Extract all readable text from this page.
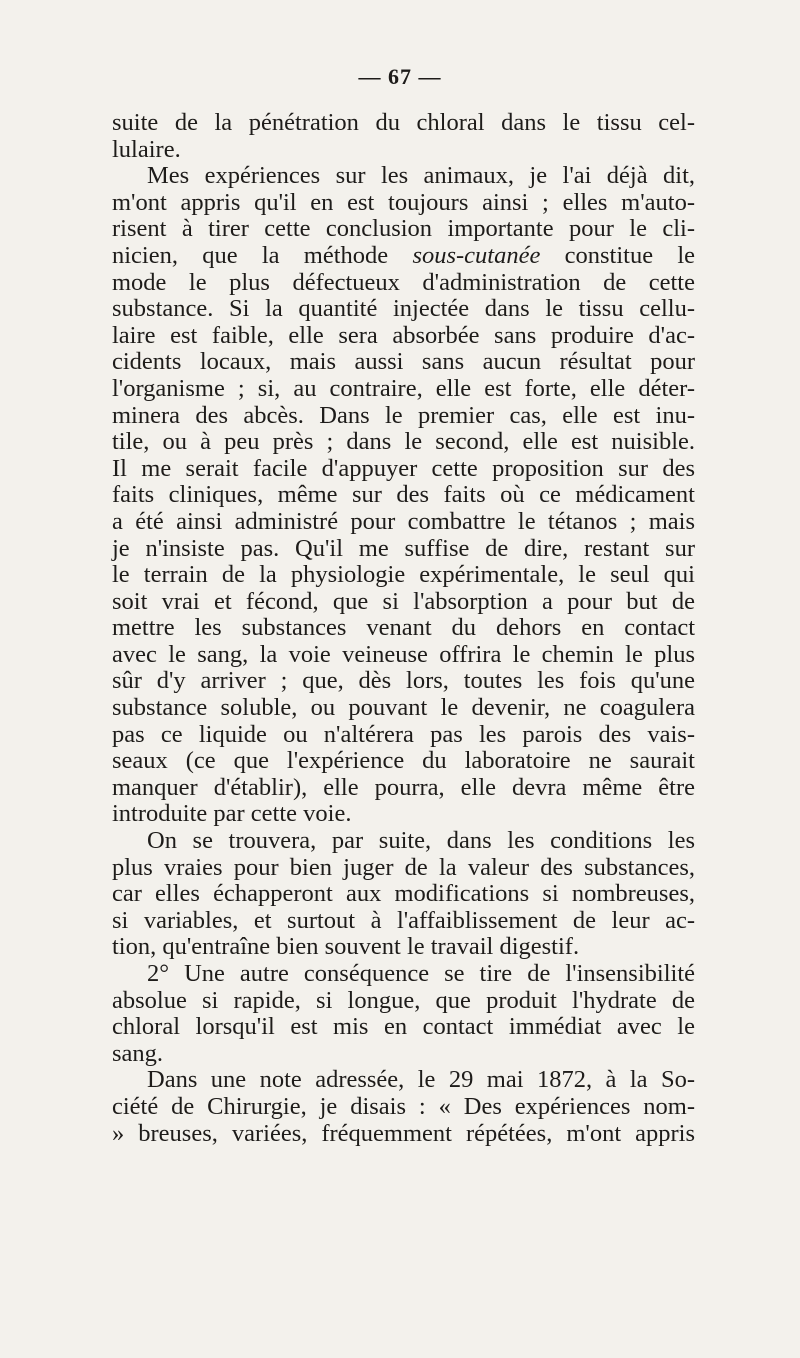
— 67 —
suite de la pénétration du chloral dans le tissu cel-
lulaire.
Mes expériences sur les animaux, je l'ai déjà dit,
m'ont appris qu'il en est toujours ainsi ; elles m'auto-
risent à tirer cette conclusion importante pour le cli-
nicien, que la méthode sous-cutanée constitue le
mode le plus défectueux d'administration de cette
substance. Si la quantité injectée dans le tissu cellu-
laire est faible, elle sera absorbée sans produire d'ac-
cidents locaux, mais aussi sans aucun résultat pour
l'organisme ; si, au contraire, elle est forte, elle déter-
minera des abcès. Dans le premier cas, elle est inu-
tile, ou à peu près ; dans le second, elle est nuisible.
Il me serait facile d'appuyer cette proposition sur des
faits cliniques, même sur des faits où ce médicament
a été ainsi administré pour combattre le tétanos ; mais
je n'insiste pas. Qu'il me suffise de dire, restant sur
le terrain de la physiologie expérimentale, le seul qui
soit vrai et fécond, que si l'absorption a pour but de
mettre les substances venant du dehors en contact
avec le sang, la voie veineuse offrira le chemin le plus
sûr d'y arriver ; que, dès lors, toutes les fois qu'une
substance soluble, ou pouvant le devenir, ne coagulera
pas ce liquide ou n'altérera pas les parois des vais-
seaux (ce que l'expérience du laboratoire ne saurait
manquer d'établir), elle pourra, elle devra même être
introduite par cette voie.
On se trouvera, par suite, dans les conditions les
plus vraies pour bien juger de la valeur des substances,
car elles échapperont aux modifications si nombreuses,
si variables, et surtout à l'affaiblissement de leur ac-
tion, qu'entraîne bien souvent le travail digestif.
2° Une autre conséquence se tire de l'insensibilité
absolue si rapide, si longue, que produit l'hydrate de
chloral lorsqu'il est mis en contact immédiat avec le
sang.
Dans une note adressée, le 29 mai 1872, à la So-
ciété de Chirurgie, je disais : « Des expériences nom-
» breuses, variées, fréquemment répétées, m'ont appris
